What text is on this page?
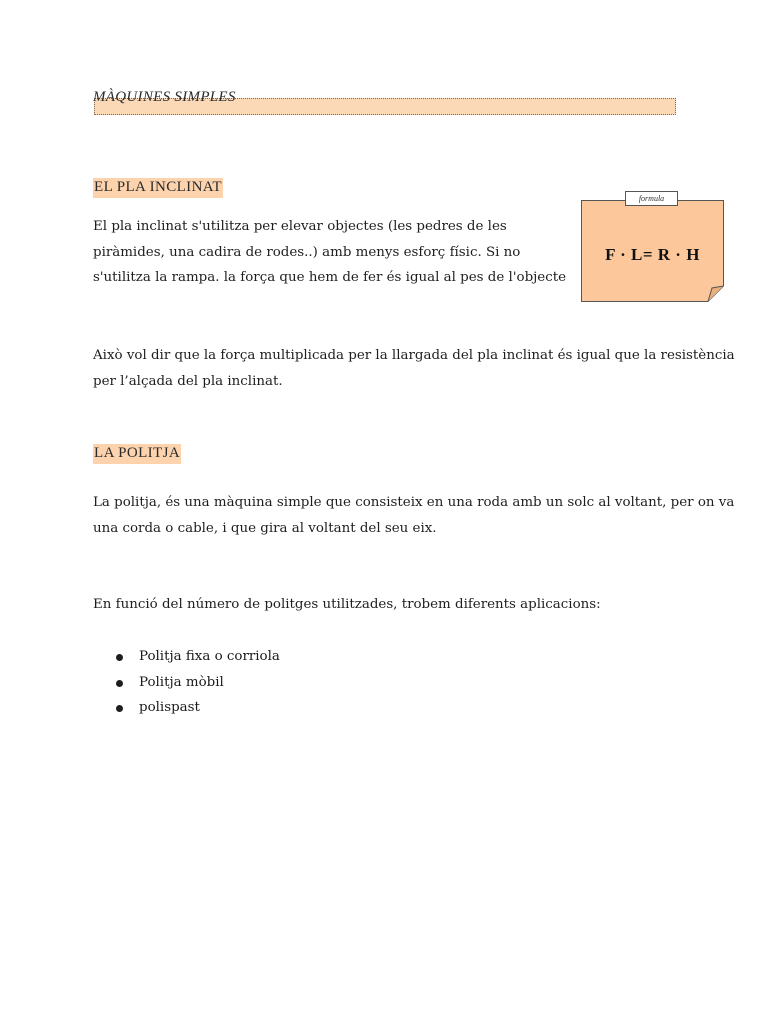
MÀQUINES SIMPLES
EL PLA INCLINAT
El pla inclinat s'utilitza per elevar objectes (les pedres de les piràmides, una cadira de rodes..) amb menys esforç físic. Si no s'utilitza la rampa. la força que hem de fer és igual al pes de l'objecte
formula
F · L= R · H
Això vol dir que la força multiplicada per la llargada del pla inclinat és igual que la resistència per l’alçada del pla inclinat.
LA POLITJA
La politja, és una màquina simple que consisteix en una roda amb un solc al voltant, per on va una corda o cable, i que gira al voltant del seu eix.
En funció del número de politges utilitzades, trobem diferents aplicacions:
Politja fixa o corriola
Politja mòbil
polispast
